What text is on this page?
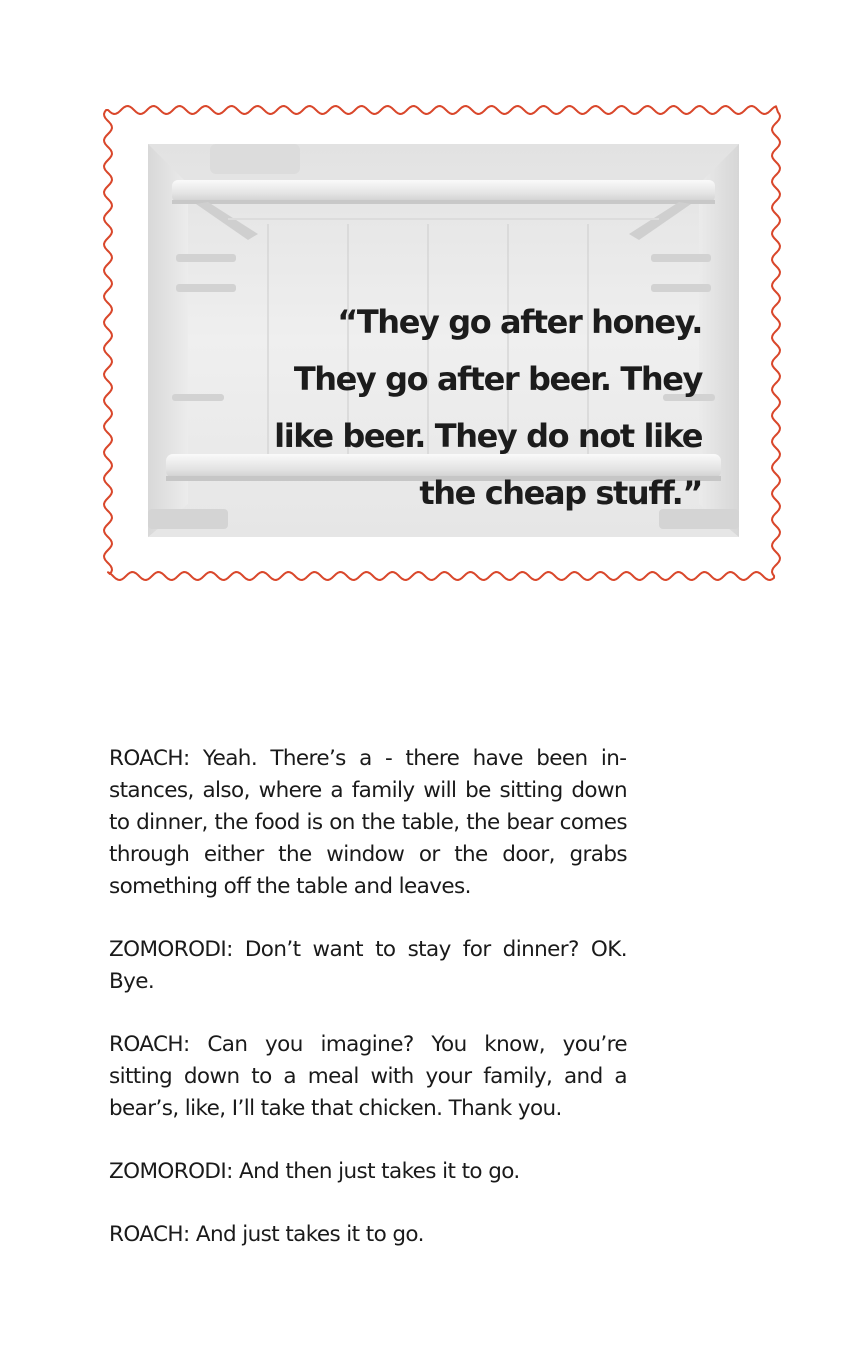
“They go after honey.
They go after beer. They
like beer. They do not like
the cheap stuff.”

ROACH: Yeah. There’s a - there have been instances, also, where a family will be sitting down to dinner, the food is on the table, the bear comes through either the window or the door, grabs something off the table and leaves.

ZOMORODI: Don’t want to stay for dinner? OK. Bye.

ROACH: Can you imagine? You know, you’re sitting down to a meal with your family, and a bear’s, like, I’ll take that chicken. Thank you.

ZOMORODI: And then just takes it to go.

ROACH: And just takes it to go.
